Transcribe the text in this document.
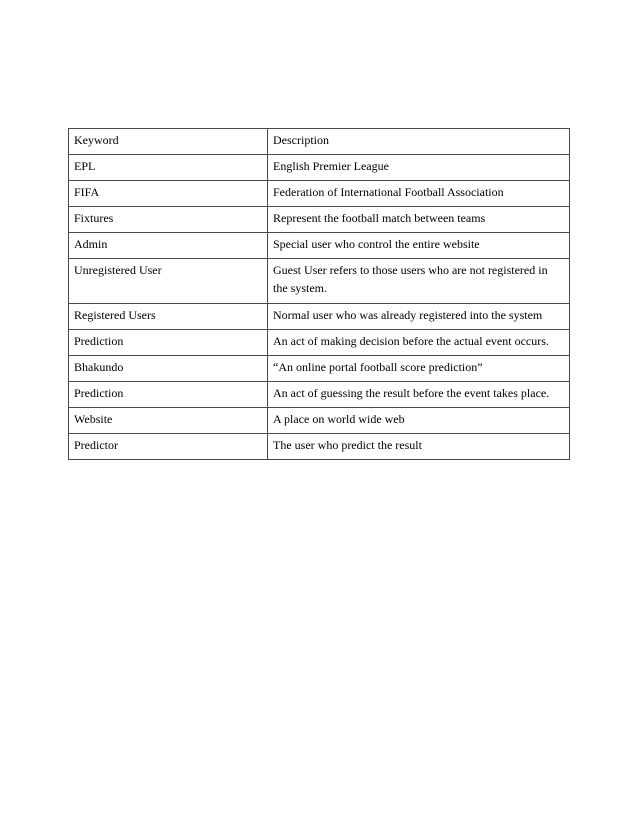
Keyword	Description

EPL	English Premier League

FIFA	Federation of International Football Association

Fixtures	Represent the football match between teams

Admin	Special user who control the entire website

Unregistered User	Guest User refers to those users who are not registered in the system.

Registered Users	Normal user who was already registered into the system

Prediction	An act of making decision before the actual event occurs.

Bhakundo	“An online portal football score prediction”

Prediction	An act of guessing the result before the event takes place.

Website	A place on world wide web

Predictor	The user who predict the result
